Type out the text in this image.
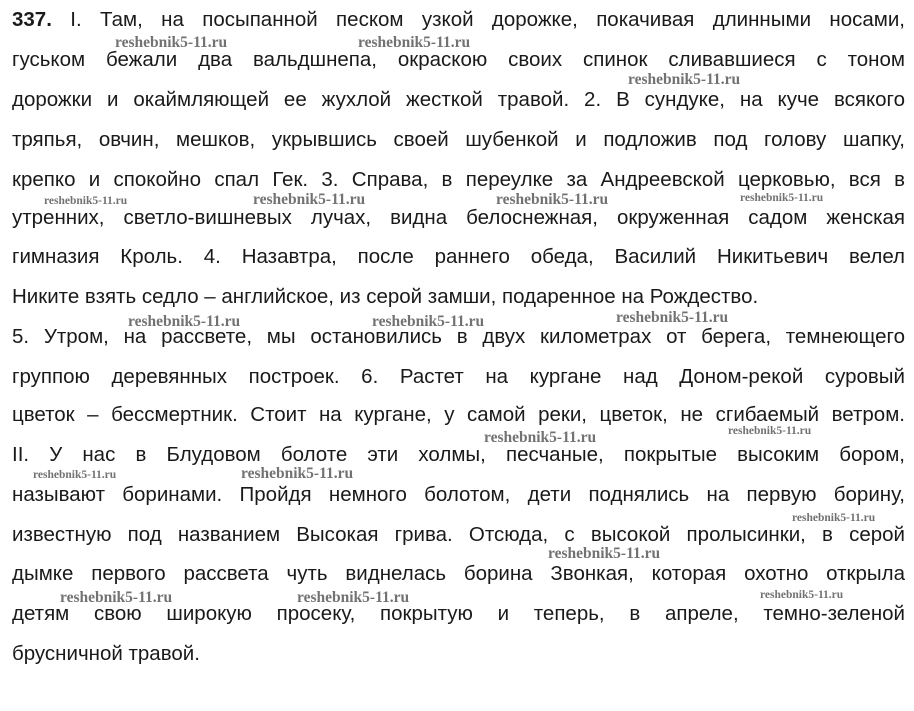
337. I. Там, на посыпанной песком узкой дорожке, покачивая длинными носами,
гуськом бежали два вальдшнепа, окраскою своих спинок сливавшиеся с тоном
дорожки и окаймляющей ее жухлой жесткой травой. 2. В сундуке, на куче всякого
тряпья, овчин, мешков, укрывшись своей шубенкой и подложив под голову шапку,
крепко и спокойно спал Гек. 3. Справа, в переулке за Андреевской церковью, вся в
утренних, светло-вишневых лучах, видна белоснежная, окруженная садом женская
гимназия Кроль. 4. Назавтра, после раннего обеда, Василий Никитьевич велел
Никите взять седло – английское, из серой замши, подаренное на Рождество.
5. Утром, на рассвете, мы остановились в двух километрах от берега, темнеющего
группою деревянных построек. 6. Растет на кургане над Доном-рекой суровый
цветок – бессмертник. Стоит на кургане, у самой реки, цветок, не сгибаемый ветром.
II. У нас в Блудовом болоте эти холмы, песчаные, покрытые высоким бором,
называют боринами. Пройдя немного болотом, дети поднялись на первую борину,
известную под названием Высокая грива. Отсюда, с высокой пролысинки, в серой
дымке первого рассвета чуть виднелась борина Звонкая, которая охотно открыла
детям свою широкую просеку, покрытую и теперь, в апреле, темно-зеленой
брусничной травой.
reshebnik5-11.ru	reshebnik5-11.ru
reshebnik5-11.ru
reshebnik5-11.ru	reshebnik5-11.ru	reshebnik5-11.ru	reshebnik5-11.ru
reshebnik5-11.ru	reshebnik5-11.ru	reshebnik5-11.ru
reshebnik5-11.ru	reshebnik5-11.ru
reshebnik5-11.ru	reshebnik5-11.ru
reshebnik5-11.ru
reshebnik5-11.ru
reshebnik5-11.ru	reshebnik5-11.ru	reshebnik5-11.ru
